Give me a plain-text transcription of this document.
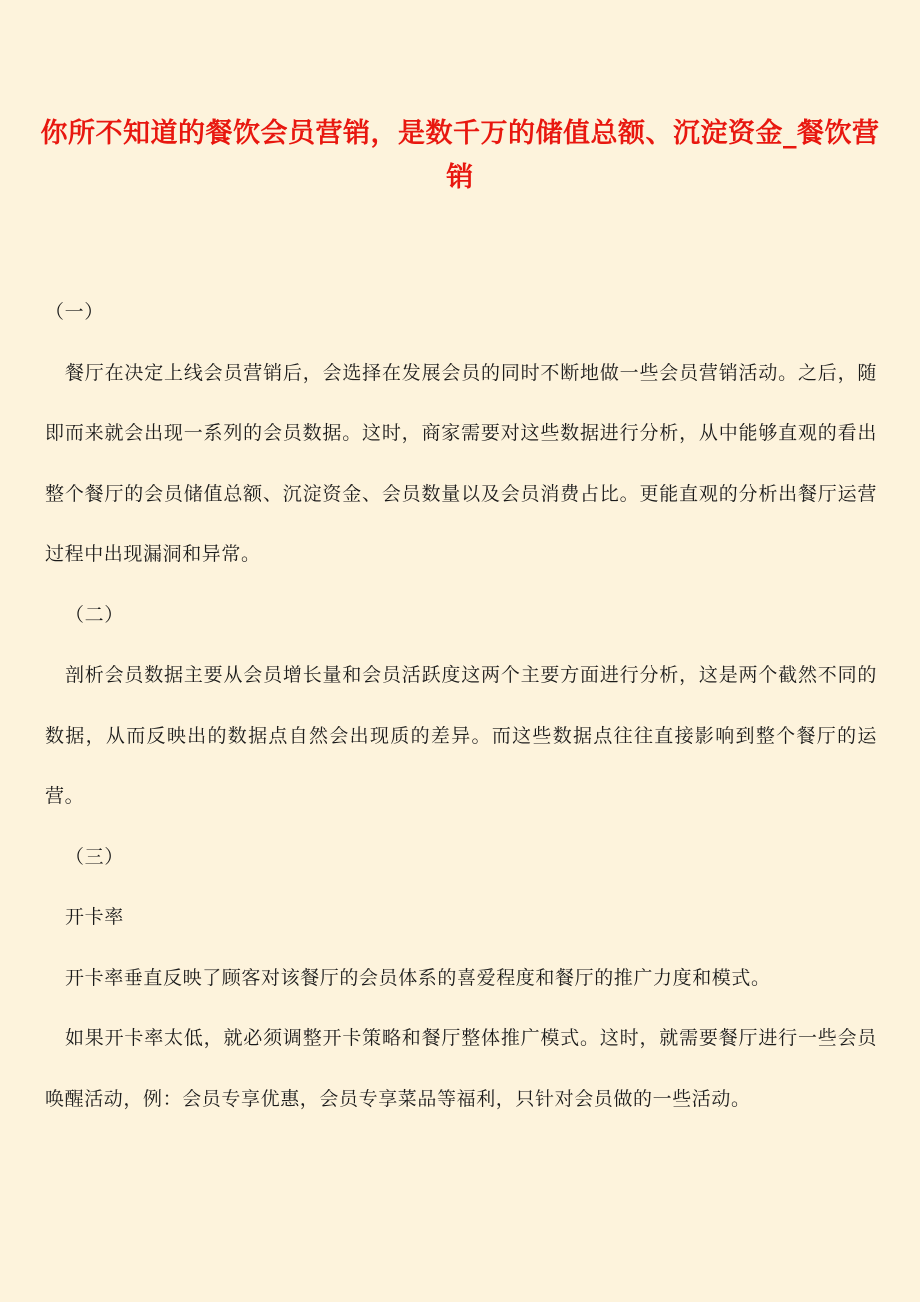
你所不知道的餐饮会员营销，是数千万的储值总额、沉淀资金_餐饮营销

（一）

餐厅在决定上线会员营销后，会选择在发展会员的同时不断地做一些会员营销活动。之后，随即而来就会出现一系列的会员数据。这时，商家需要对这些数据进行分析，从中能够直观的看出整个餐厅的会员储值总额、沉淀资金、会员数量以及会员消费占比。更能直观的分析出餐厅运营过程中出现漏洞和异常。

（二）

剖析会员数据主要从会员增长量和会员活跃度这两个主要方面进行分析，这是两个截然不同的数据，从而反映出的数据点自然会出现质的差异。而这些数据点往往直接影响到整个餐厅的运营。

（三）

开卡率

开卡率垂直反映了顾客对该餐厅的会员体系的喜爱程度和餐厅的推广力度和模式。

如果开卡率太低，就必须调整开卡策略和餐厅整体推广模式。这时，就需要餐厅进行一些会员唤醒活动，例：会员专享优惠，会员专享菜品等福利，只针对会员做的一些活动。
